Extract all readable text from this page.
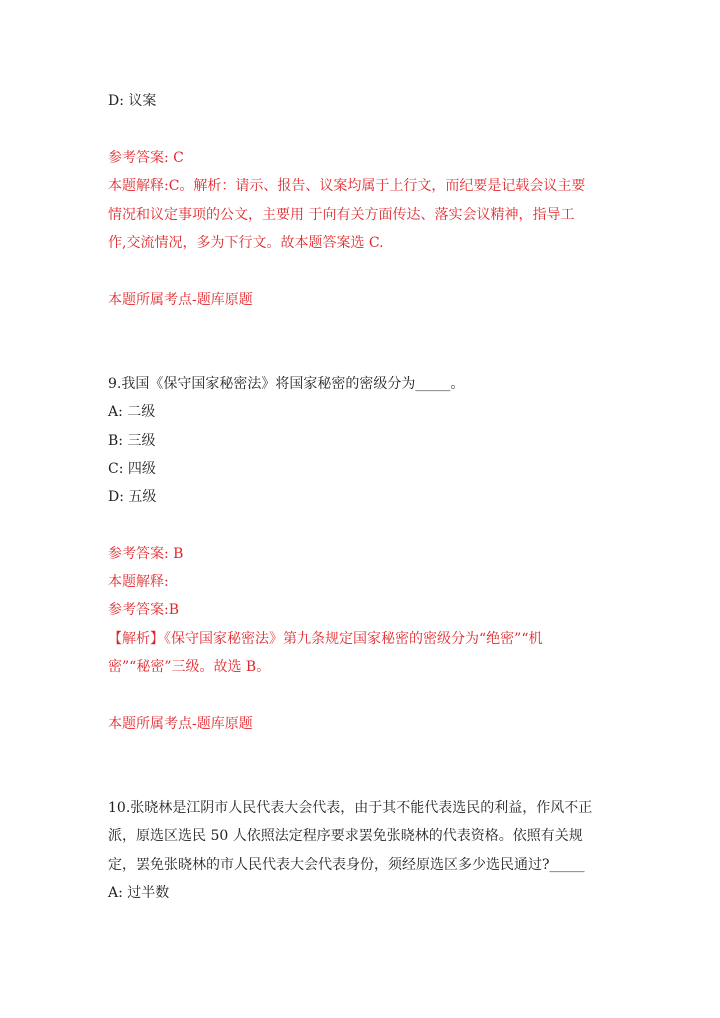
D: 议案
参考答案: C
本题解释:C。解析：请示、报告、议案均属于上行文，而纪要是记载会议主要
情况和议定事项的公文，主要用 于向有关方面传达、落实会议精神，指导工
作,交流情况，多为下行文。故本题答案选 C.
本题所属考点-题库原题
9.我国《保守国家秘密法》将国家秘密的密级分为_____。
A: 二级
B: 三级
C: 四级
D: 五级
参考答案: B
本题解释:
参考答案:B
【解析】《保守国家秘密法》第九条规定国家秘密的密级分为“绝密”“机
密”“秘密”三级。故选 B。
本题所属考点-题库原题
10.张晓林是江阴市人民代表大会代表，由于其不能代表选民的利益，作风不正
派，原选区选民 50 人依照法定程序要求罢免张晓林的代表资格。依照有关规
定，罢免张晓林的市人民代表大会代表身份，须经原选区多少选民通过?_____
A: 过半数
